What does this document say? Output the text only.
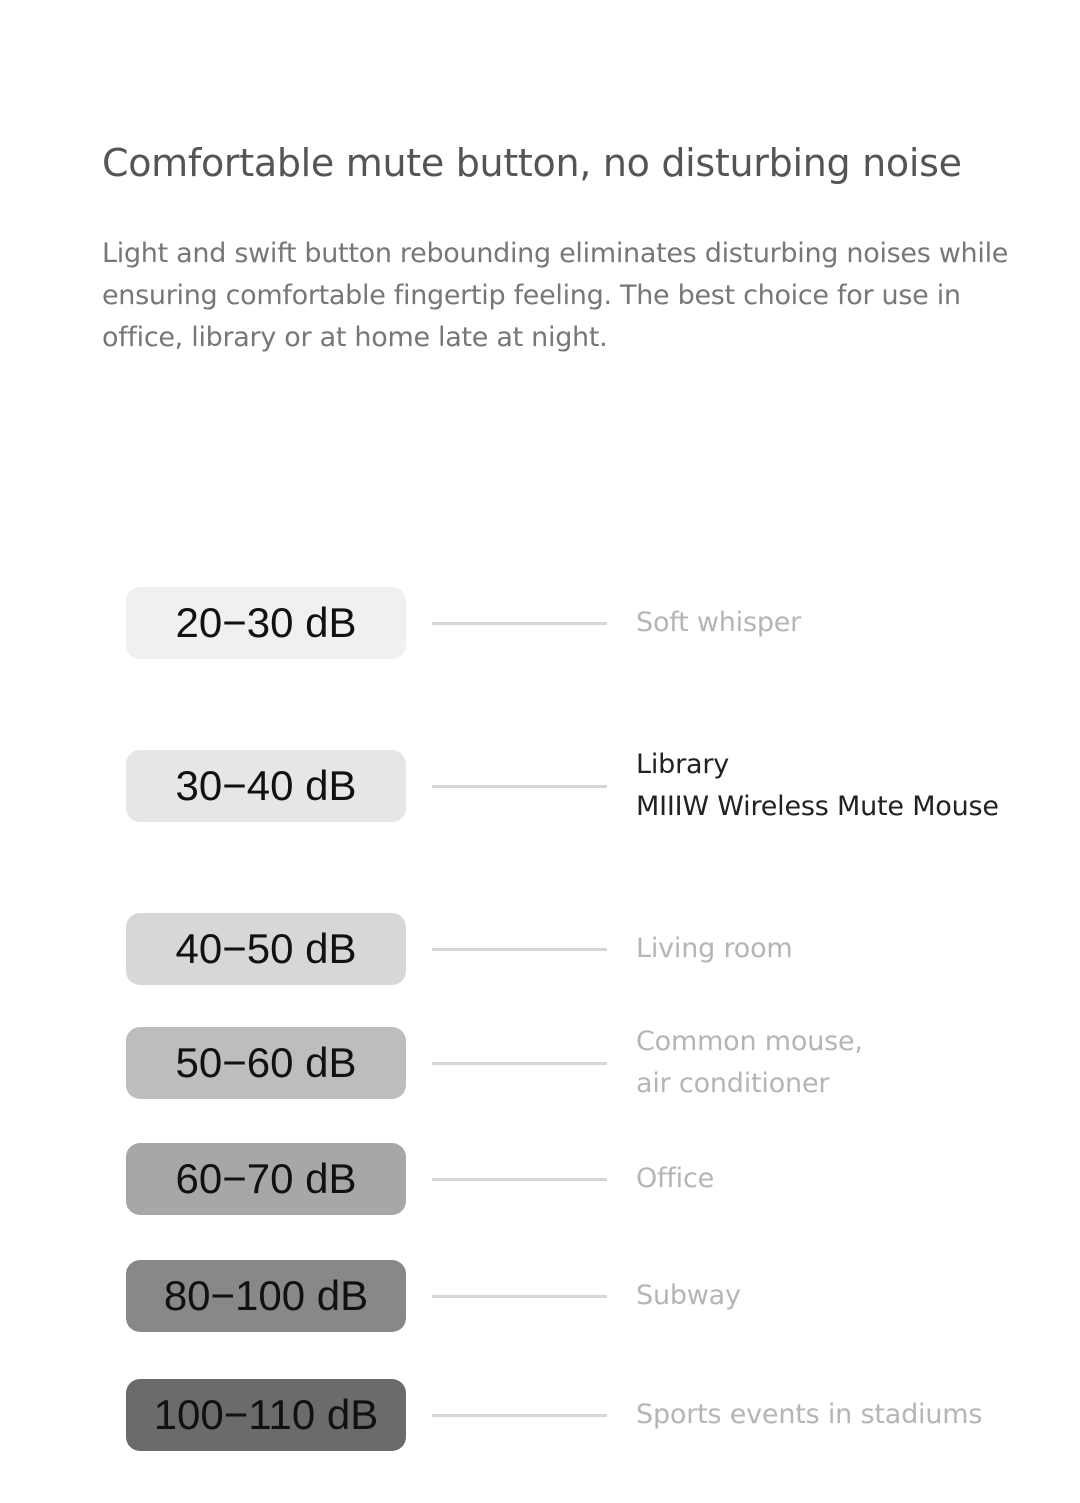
Comfortable mute button, no disturbing noise

Light and swift button rebounding eliminates disturbing noises while
ensuring comfortable fingertip feeling. The best choice for use in
office, library or at home late at night.

20−30 dB	Soft whisper
30−40 dB	Library
MIIIW Wireless Mute Mouse
40−50 dB	Living room
50−60 dB	Common mouse,
air conditioner
60−70 dB	Office
80−100 dB	Subway
100−110 dB	Sports events in stadiums
